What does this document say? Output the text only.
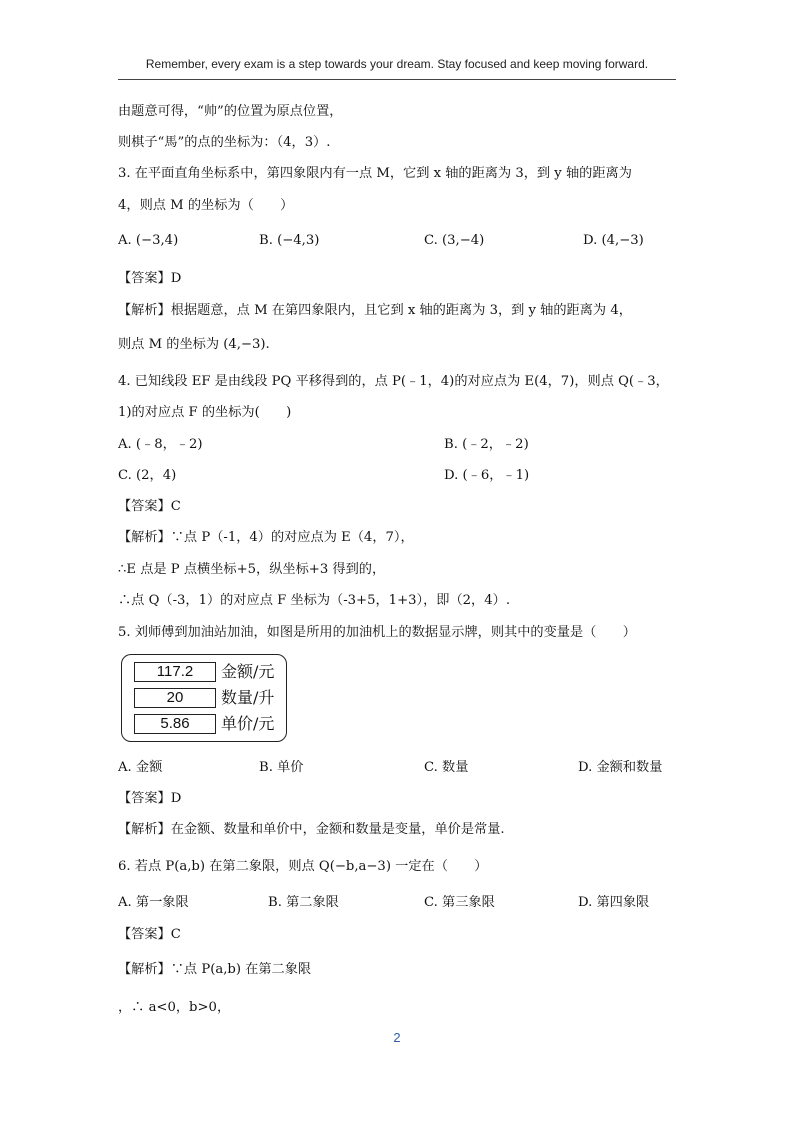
Remember, every exam is a step towards your dream. Stay focused and keep moving forward.
由题意可得，“帅”的位置为原点位置，
则棋子“馬”的点的坐标为：（4，3）.
3. 在平面直角坐标系中，第四象限内有一点 M，它到 x 轴的距离为 3，到 y 轴的距离为
4，则点 M 的坐标为（　　）
A. (−3,4)	B. (−4,3)	C. (3,−4)	D. (4,−3)
【答案】D
【解析】根据题意，点 M 在第四象限内，且它到 x 轴的距离为 3，到 y 轴的距离为 4，
则点 M 的坐标为 (4,−3).
4. 已知线段 EF 是由线段 PQ 平移得到的，点 P(﹣1，4)的对应点为 E(4，7)，则点 Q(﹣3，
1)的对应点 F 的坐标为(　　)
A. (﹣8，﹣2)	B. (﹣2，﹣2)
C. (2，4)	D. (﹣6，﹣1)
【答案】C
【解析】∵点 P（-1，4）的对应点为 E（4，7），
∴E 点是 P 点横坐标+5，纵坐标+3 得到的，
∴点 Q（-3，1）的对应点 F 坐标为（-3+5，1+3），即（2，4）.
5. 刘师傅到加油站加油，如图是所用的加油机上的数据显示牌，则其中的变量是（　　）
117.2	金额/元
20	数量/升
5.86	单价/元
A. 金额	B. 单价	C. 数量	D. 金额和数量
【答案】D
【解析】在金额、数量和单价中，金额和数量是变量，单价是常量.
6. 若点 P(a,b) 在第二象限，则点 Q(−b,a−3) 一定在（　　）
A. 第一象限	B. 第二象限	C. 第三象限	D. 第四象限
【答案】C
【解析】∵点 P(a,b) 在第二象限
，∴ a<0，b>0，
2
